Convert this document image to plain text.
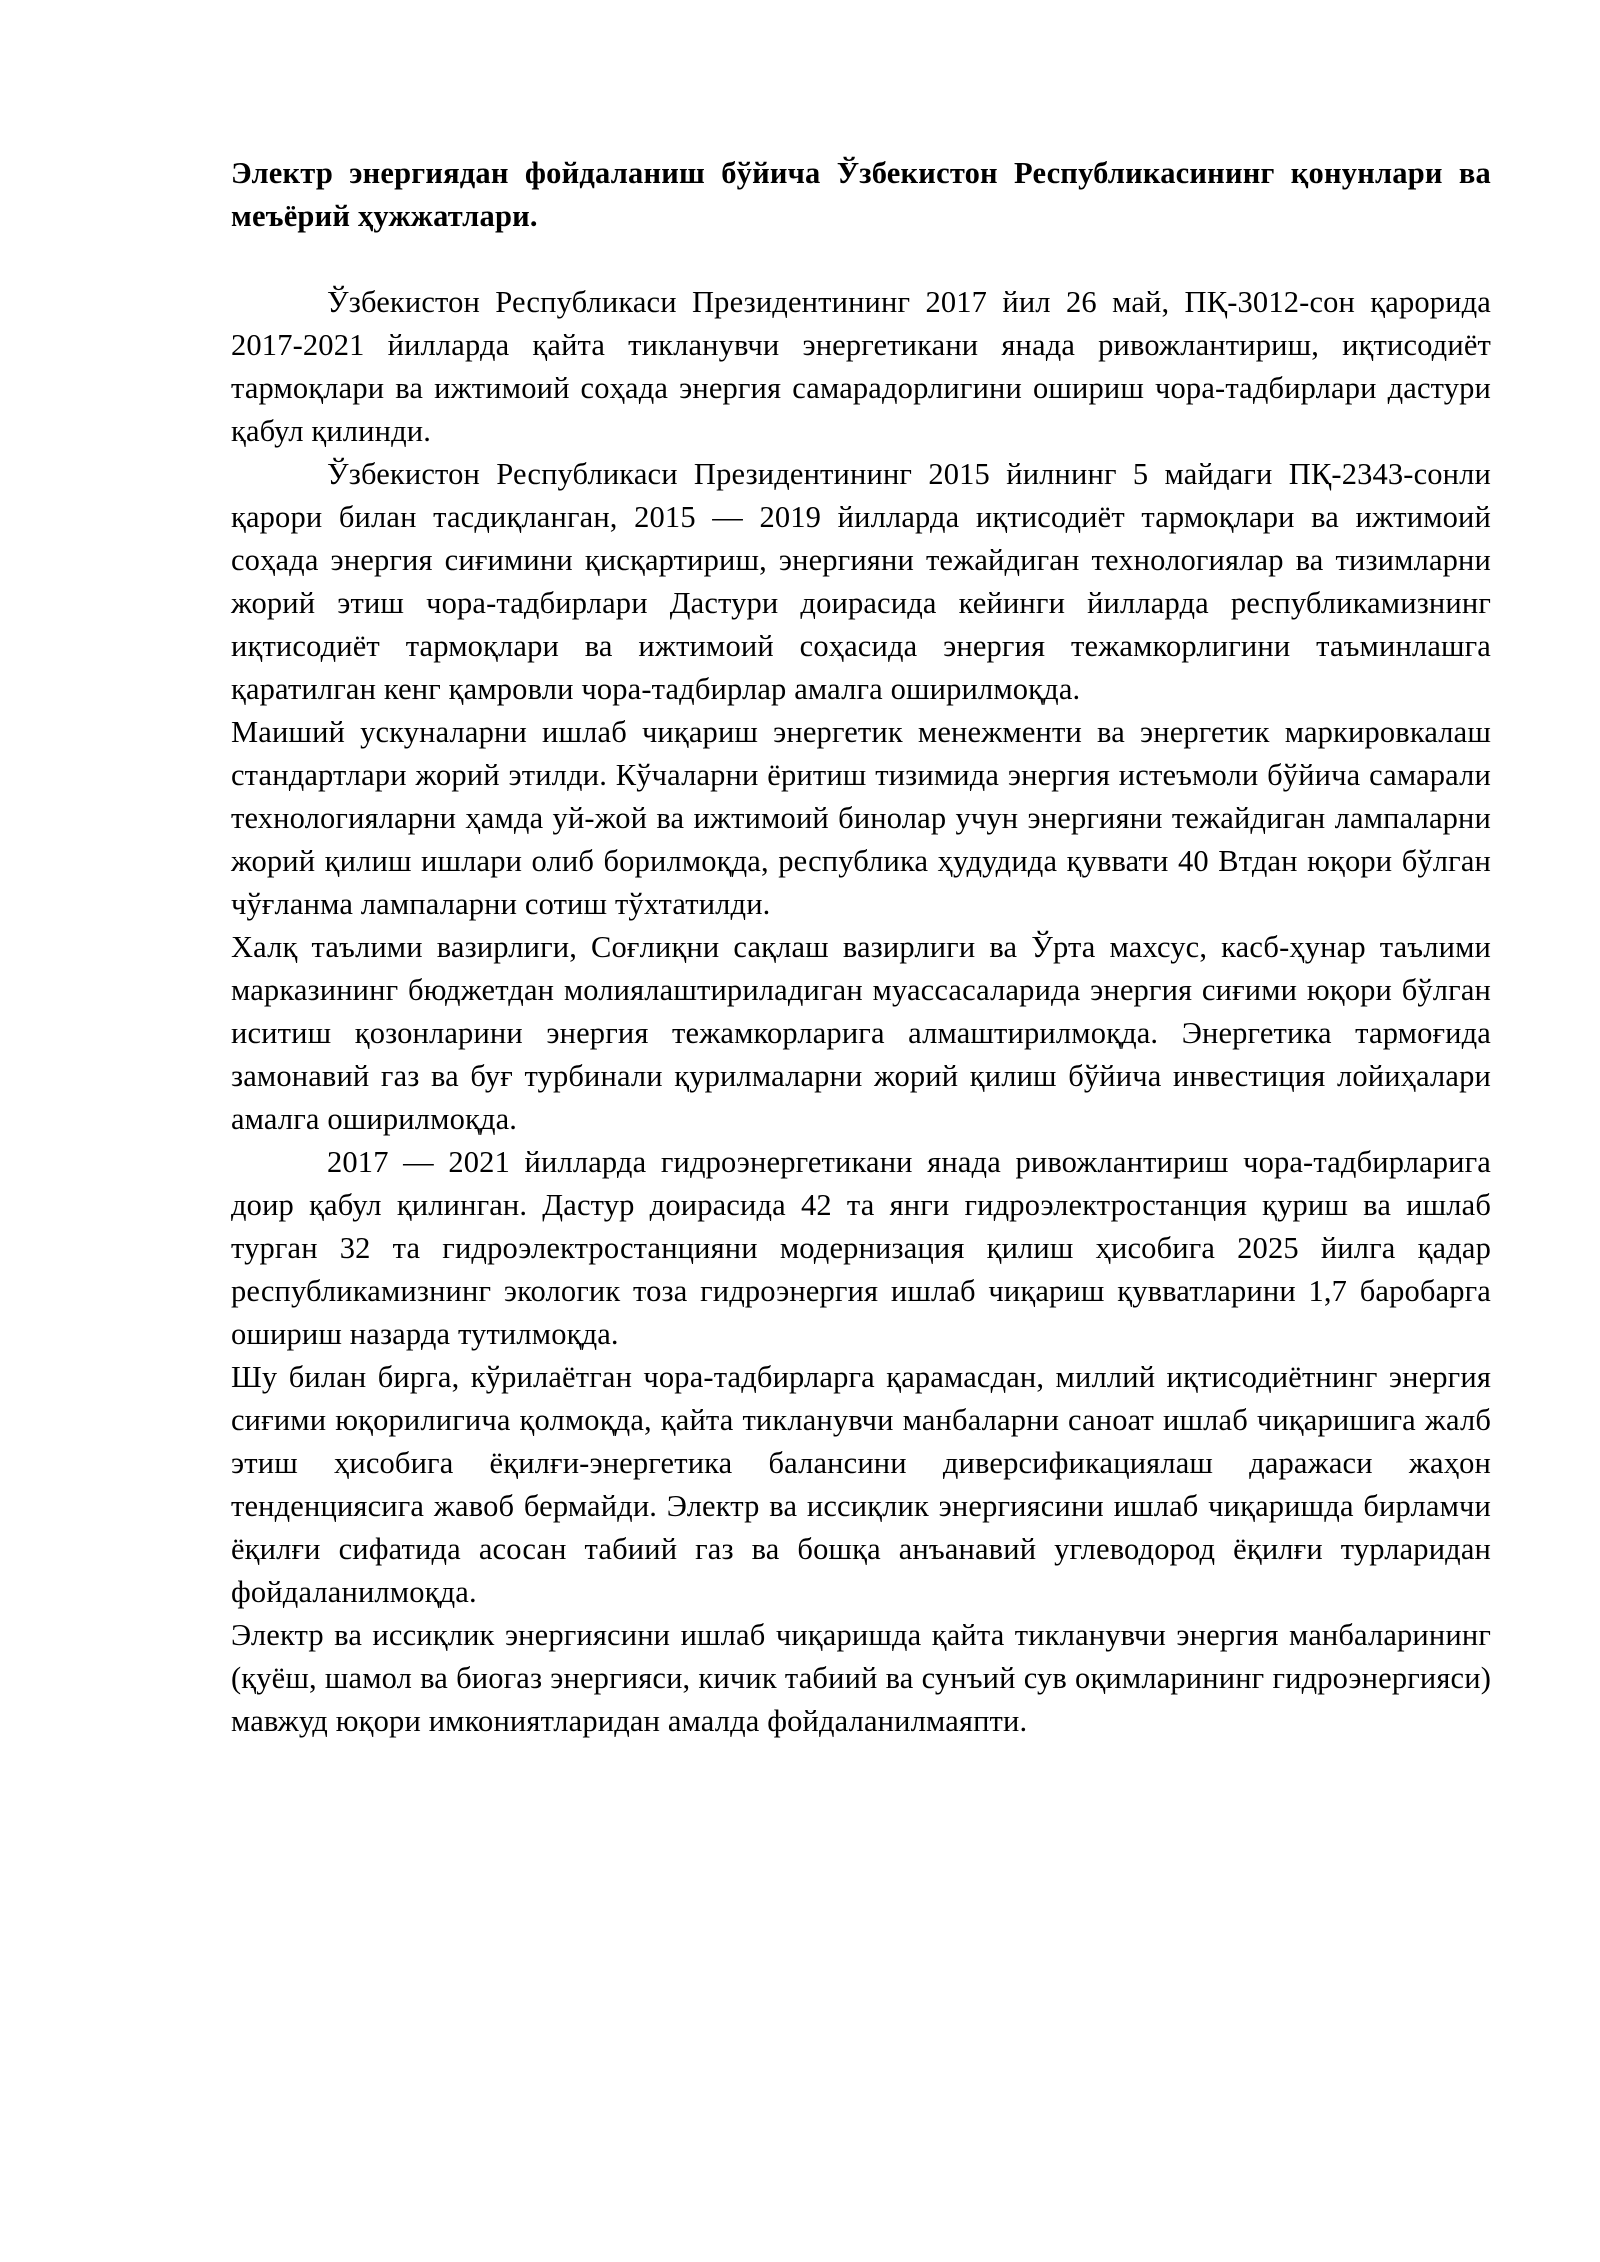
Электр энергиядан фойдаланиш бўйича Ўзбекистон Республикасининг қонунлари ва меъёрий ҳужжатлари.

Ўзбекистон Республикаси Президентининг 2017 йил 26 май, ПҚ-3012-сон қарорида 2017-2021 йилларда қайта тикланувчи энергетикани янада ривожлантириш, иқтисодиёт тармоқлари ва ижтимоий соҳада энергия самарадорлигини ошириш чора-тадбирлари дастури қабул қилинди.

Ўзбекистон Республикаси Президентининг 2015 йилнинг 5 майдаги ПҚ-2343-сонли қарори билан тасдиқланган, 2015 — 2019 йилларда иқтисодиёт тармоқлари ва ижтимоий соҳада энергия сиғимини қисқартириш, энергияни тежайдиган технологиялар ва тизимларни жорий этиш чора-тадбирлари Дастури доирасида кейинги йилларда республикамизнинг иқтисодиёт тармоқлари ва ижтимоий соҳасида энергия тежамкорлигини таъминлашга қаратилган кенг қамровли чора-тадбирлар амалга оширилмоқда.

Маиший ускуналарни ишлаб чиқариш энергетик менежменти ва энергетик маркировкалаш стандартлари жорий этилди. Кўчаларни ёритиш тизимида энергия истеъмоли бўйича самарали технологияларни ҳамда уй-жой ва ижтимоий бинолар учун энергияни тежайдиган лампаларни жорий қилиш ишлари олиб борилмоқда, республика ҳудудида қуввати 40 Втдан юқори бўлган чўғланма лампаларни сотиш тўхтатилди.

Халқ таълими вазирлиги, Соғлиқни сақлаш вазирлиги ва Ўрта махсус, касб-ҳунар таълими марказининг бюджетдан молиялаштириладиган муассасаларида энергия сиғими юқори бўлган иситиш қозонларини энергия тежамкорларига алмаштирилмоқда. Энергетика тармоғида замонавий газ ва буғ турбинали қурилмаларни жорий қилиш бўйича инвестиция лойиҳалари амалга оширилмоқда.

2017 — 2021 йилларда гидроэнергетикани янада ривожлантириш чора-тадбирларига доир қабул қилинган. Дастур доирасида 42 та янги гидроэлектростанция қуриш ва ишлаб турган 32 та гидроэлектростанцияни модернизация қилиш ҳисобига 2025 йилга қадар республикамизнинг экологик тоза гидроэнергия ишлаб чиқариш қувватларини 1,7 баробарга ошириш назарда тутилмоқда.

Шу билан бирга, кўрилаётган чора-тадбирларга қарамасдан, миллий иқтисодиётнинг энергия сиғими юқорилигича қолмоқда, қайта тикланувчи манбаларни саноат ишлаб чиқаришига жалб этиш ҳисобига ёқилғи-энергетика балансини диверсификациялаш даражаси жаҳон тенденциясига жавоб бермайди. Электр ва иссиқлик энергиясини ишлаб чиқаришда бирламчи ёқилғи сифатида асосан табиий газ ва бошқа анъанавий углеводород ёқилғи турларидан фойдаланилмоқда.

Электр ва иссиқлик энергиясини ишлаб чиқаришда қайта тикланувчи энергия манбаларининг (қуёш, шамол ва биогаз энергияси, кичик табиий ва сунъий сув оқимларининг гидроэнергияси) мавжуд юқори имкониятларидан амалда фойдаланилмаяпти.
